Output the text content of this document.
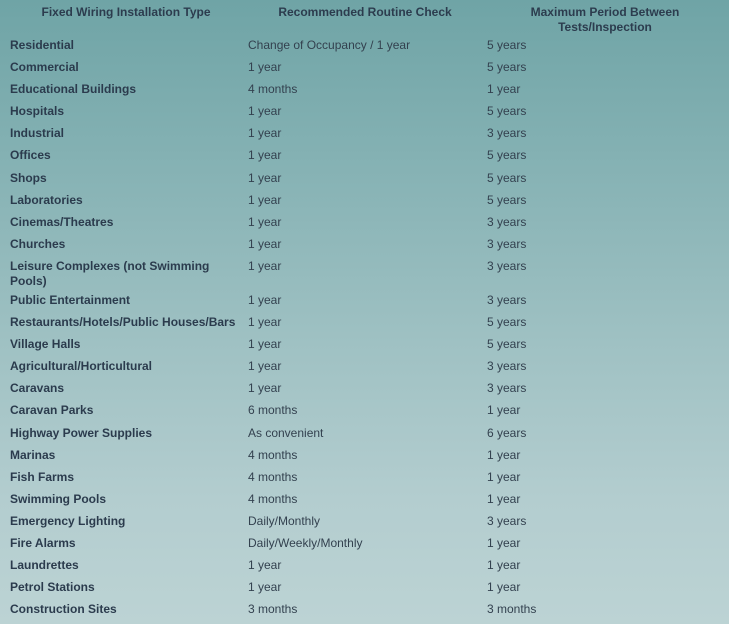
Fixed Wiring Installation Type	Recommended Routine Check	Maximum Period Between
Tests/Inspection
Residential	Change of Occupancy / 1 year	5 years
Commercial	1 year	5 years
Educational Buildings	4 months	1 year
Hospitals	1 year	5 years
Industrial	1 year	3 years
Offices	1 year	5 years
Shops	1 year	5 years
Laboratories	1 year	5 years
Cinemas/Theatres	1 year	3 years
Churches	1 year	3 years
Leisure Complexes (not Swimming Pools)	1 year	3 years
Public Entertainment	1 year	3 years
Restaurants/Hotels/Public Houses/Bars	1 year	5 years
Village Halls	1 year	5 years
Agricultural/Horticultural	1 year	3 years
Caravans	1 year	3 years
Caravan Parks	6 months	1 year
Highway Power Supplies	As convenient	6 years
Marinas	4 months	1 year
Fish Farms	4 months	1 year
Swimming Pools	4 months	1 year
Emergency Lighting	Daily/Monthly	3 years
Fire Alarms	Daily/Weekly/Monthly	1 year
Laundrettes	1 year	1 year
Petrol Stations	1 year	1 year
Construction Sites	3 months	3 months
